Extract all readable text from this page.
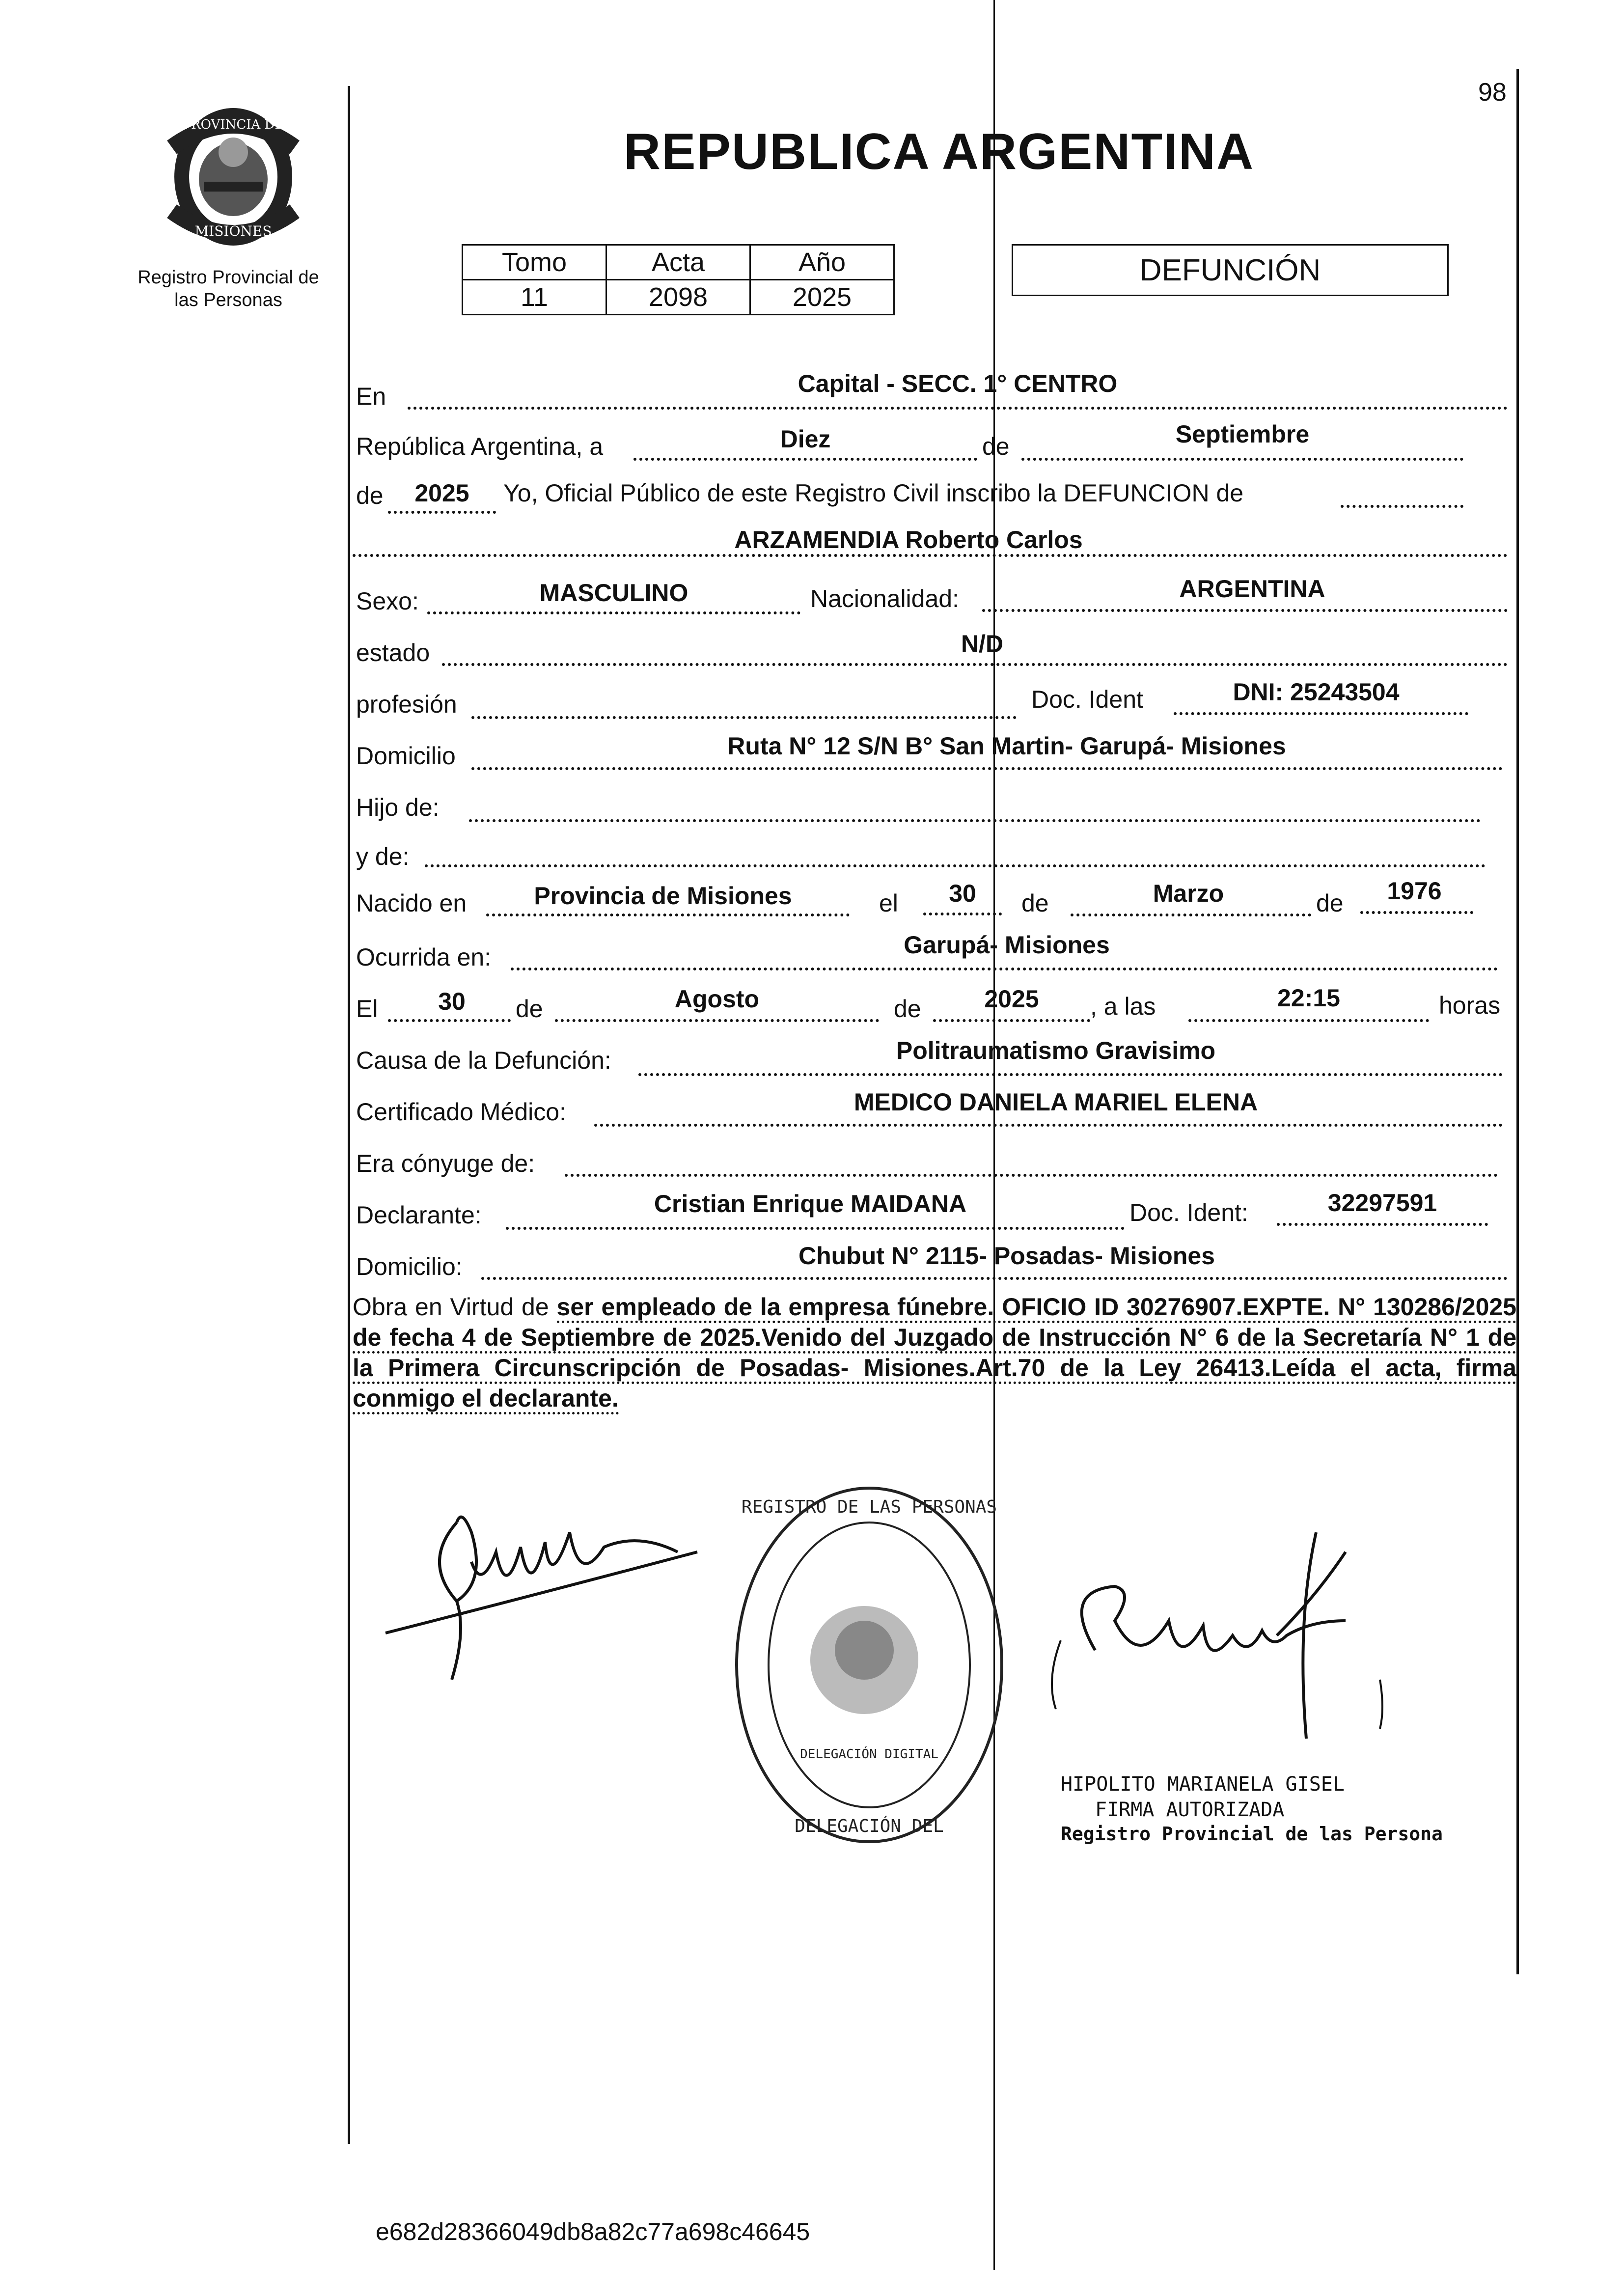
98
PROVINCIA DE
MISIONES
Registro Provincial de
las Personas
REPUBLICA ARGENTINA
Tomo	Acta	Año
11	2098	2025
DEFUNCIÓN
En	Capital - SECC. 1° CENTRO
República Argentina, a	Diez	de	Septiembre
de	2025	Yo, Oficial Público de este Registro Civil inscribo la DEFUNCION de
ARZAMENDIA Roberto Carlos
Sexo:	MASCULINO	Nacionalidad:	ARGENTINA
estado	N/D
profesión	Doc. Ident	DNI: 25243504
Domicilio	Ruta N° 12 S/N B° San Martin- Garupá- Misiones
Hijo de:
y de:
Nacido en	Provincia de Misiones	el	30	de	Marzo	de	1976
Ocurrida en:	Garupá- Misiones
El	30	de	Agosto	de	2025	, a las	22:15	horas
Causa de la Defunción:	Politraumatismo Gravisimo
Certificado Médico:	MEDICO DANIELA MARIEL ELENA
Era cónyuge de:
Declarante:	Cristian Enrique MAIDANA	Doc. Ident:	32297591
Domicilio:	Chubut N° 2115- Posadas- Misiones
Obra en Virtud de ser empleado de la empresa fúnebre. OFICIO ID 30276907.EXPTE. N° 130286/2025 de fecha 4 de Septiembre de 2025.Venido del Juzgado de Instrucción N° 6 de la Secretaría N° 1 de la Primera Circunscripción de Posadas- Misiones.Art.70 de la Ley 26413.Leída el acta, firma conmigo el declarante.
REGISTRO DE LAS PERSONAS
DELEGACIÓN DEL
DELEGACIÓN DIGITAL
HIPOLITO MARIANELA GISEL
FIRMA AUTORIZADA
Registro Provincial de las Persona
e682d28366049db8a82c77a698c46645
